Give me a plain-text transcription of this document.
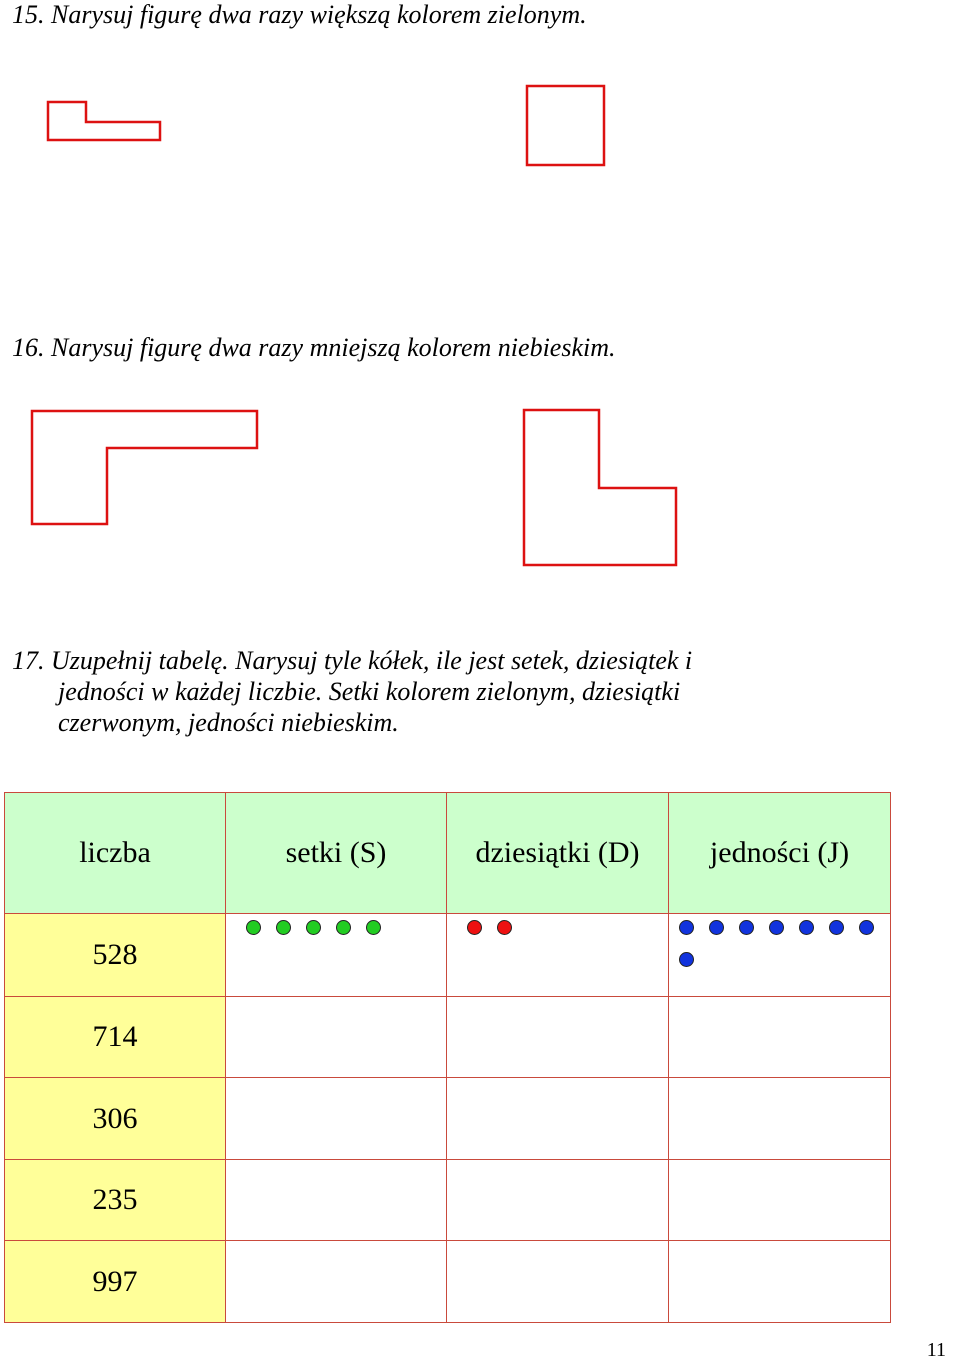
15. Narysuj figurę dwa razy większą kolorem zielonym.
16. Narysuj figurę dwa razy mniejszą kolorem niebieskim.
17. Uzupełnij tabelę. Narysuj tyle kółek, ile jest setek, dziesiątek i
jedności w każdej liczbie. Setki kolorem zielonym, dziesiątki
czerwonym, jedności niebieskim.
liczba	setki (S)	dziesiątki (D)	jedności (J)
528	

714			
306			
235			
997			
11
